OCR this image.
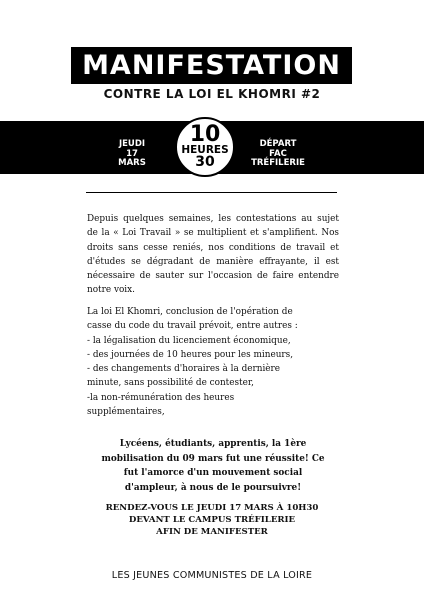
MANIFESTATION
CONTRE LA LOI EL KHOMRI #2
JEUDI
17
MARS
10
HEURES
30
DÉPART
FAC
TRÉFILERIE
Depuis quelques semaines, les contestations au sujet de la « Loi Travail » se multiplient et s'amplifient. Nos droits sans cesse reniés, nos conditions de travail et d'études se dégradant de manière effrayante, il est nécessaire de sauter sur l'occasion de faire entendre notre voix.
La loi El Khomri, conclusion de l'opération de
casse du code du travail prévoit, entre autres :
- la légalisation du licenciement économique,
- des journées de 10 heures pour les mineurs,
- des changements d'horaires à la dernière
minute, sans possibilité de contester,
-la non-rémunération des heures
supplémentaires,
Lycéens, étudiants, apprentis, la 1ère
mobilisation du 09 mars fut une réussite! Ce
fut l'amorce d'un mouvement social
d'ampleur, à nous de le poursuivre!
RENDEZ-VOUS LE JEUDI 17 MARS À 10H30
DEVANT LE CAMPUS TRÉFILERIE
AFIN DE MANIFESTER
LES JEUNES COMMUNISTES DE LA LOIRE
